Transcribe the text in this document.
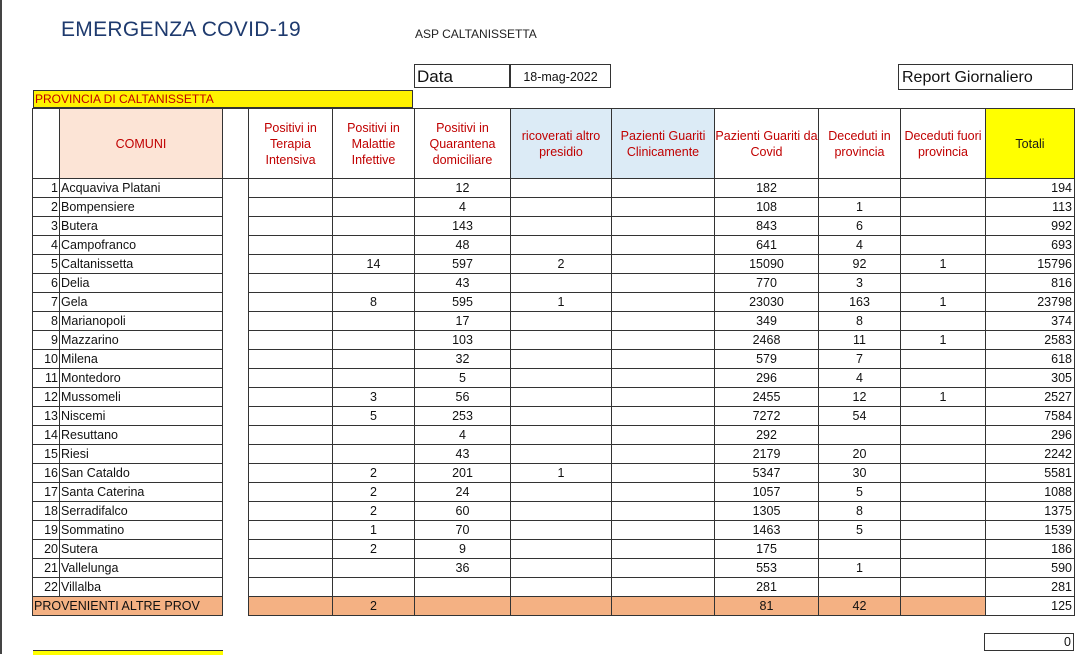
EMERGENZA COVID-19	ASP CALTANISSETTA
Data	18-mag-2022	Report Giornaliero
PROVINCIA DI CALTANISSETTA
	COMUNI		Positivi in Terapia Intensiva	Positivi in Malattie Infettive	Positivi in Quarantena domiciliare	ricoverati altro presidio	Pazienti Guariti Clinicamente	Pazienti Guariti da Covid	Deceduti in provincia	Deceduti fuori provincia	Totali
1	Acquaviva Platani				12			182			194
2	Bompensiere				4			108	1		113
3	Butera				143			843	6		992
4	Campofranco				48			641	4		693
5	Caltanissetta			14	597	2		15090	92	1	15796
6	Delia				43			770	3		816
7	Gela			8	595	1		23030	163	1	23798
8	Marianopoli				17			349	8		374
9	Mazzarino				103			2468	11	1	2583
10	Milena				32			579	7		618
11	Montedoro				5			296	4		305
12	Mussomeli			3	56			2455	12	1	2527
13	Niscemi			5	253			7272	54		7584
14	Resuttano				4			292			296
15	Riesi				43			2179	20		2242
16	San Cataldo			2	201	1		5347	30		5581
17	Santa Caterina			2	24			1057	5		1088
18	Serradifalco			2	60			1305	8		1375
19	Sommatino			1	70			1463	5		1539
20	Sutera			2	9			175			186
21	Vallelunga				36			553	1		590
22	Villalba							281			281
PROVENIENTI ALTRE PROV				2				81	42		125
0
